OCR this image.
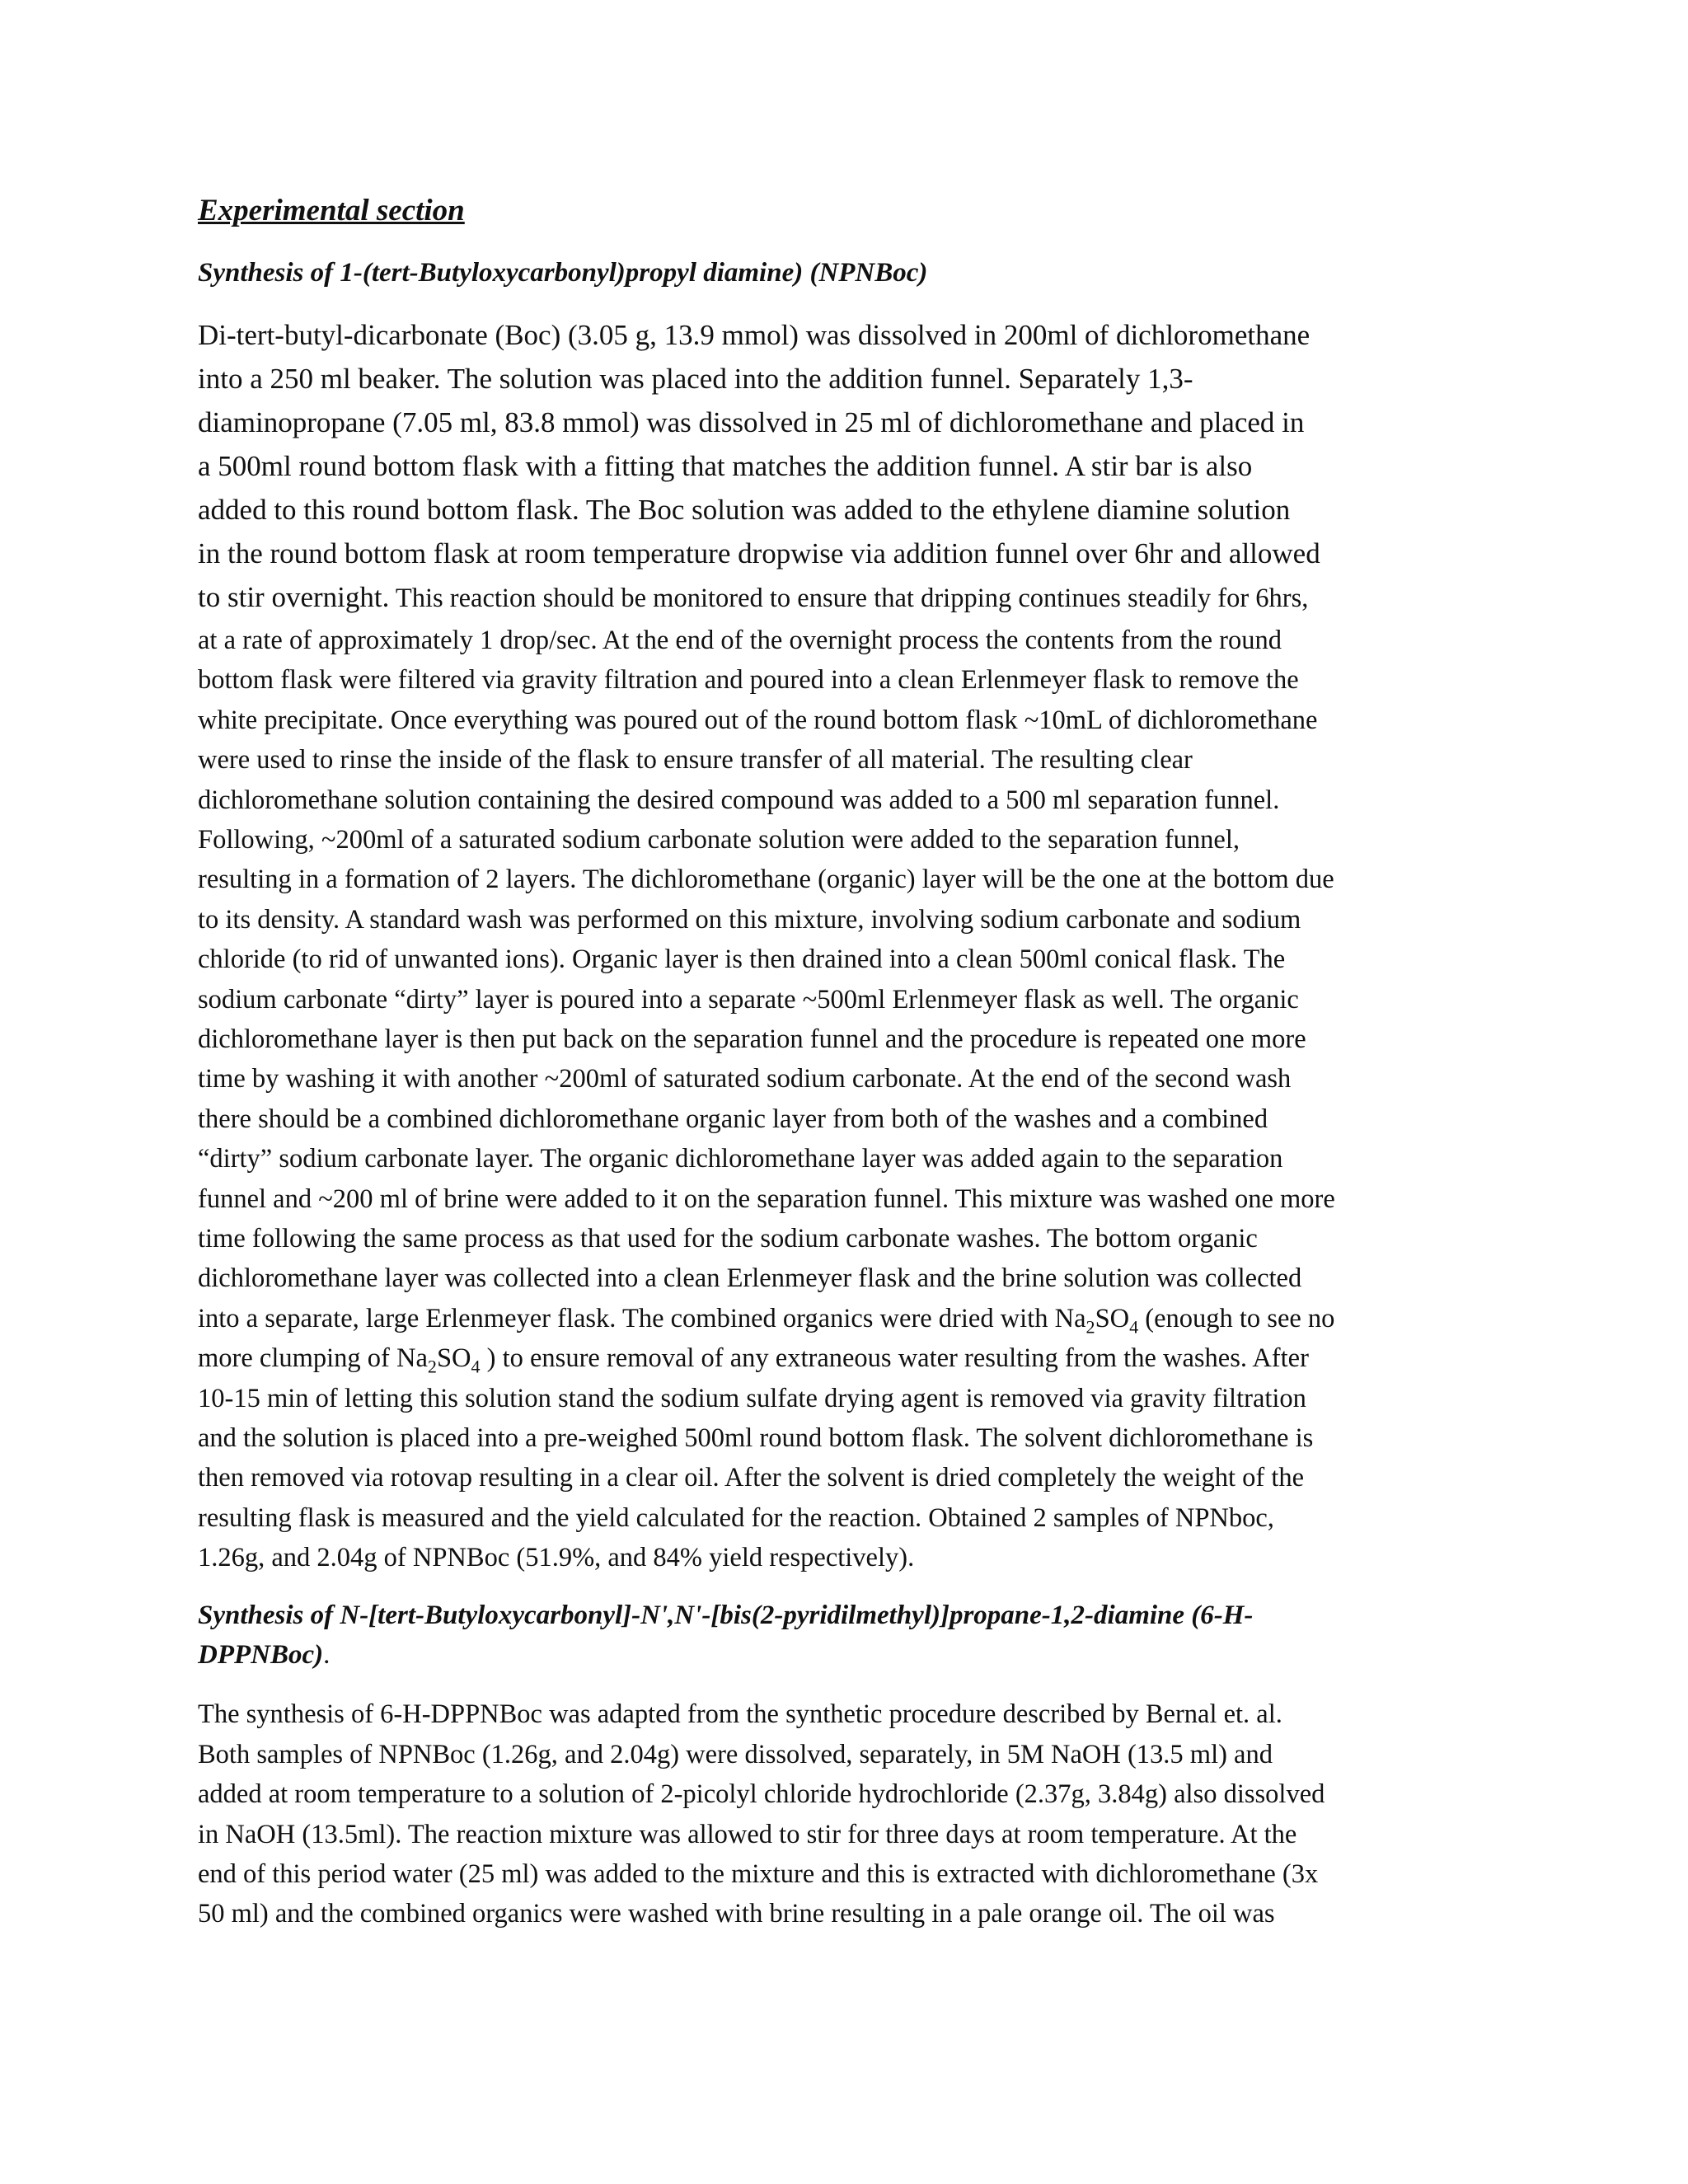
Experimental section
Synthesis of 1-(tert-Butyloxycarbonyl)propyl diamine) (NPNBoc)
Di-tert-butyl-dicarbonate (Boc) (3.05 g, 13.9 mmol) was dissolved in 200ml of dichloromethane
into a 250 ml beaker. The solution was placed into the addition funnel. Separately 1,3-
diaminopropane (7.05 ml, 83.8 mmol) was dissolved in 25 ml of dichloromethane and placed in
a 500ml round bottom flask with a fitting that matches the addition funnel. A stir bar is also
added to this round bottom flask. The Boc solution was added to the ethylene diamine solution
in the round bottom flask at room temperature dropwise via addition funnel over 6hr and allowed
to stir overnight. This reaction should be monitored to ensure that dripping continues steadily for 6hrs,
at a rate of approximately 1 drop/sec. At the end of the overnight process the contents from the round
bottom flask were filtered via gravity filtration and poured into a clean Erlenmeyer flask to remove the
white precipitate. Once everything was poured out of the round bottom flask ~10mL of dichloromethane
were used to rinse the inside of the flask to ensure transfer of all material. The resulting clear
dichloromethane solution containing the desired compound was added to a 500 ml separation funnel.
Following, ~200ml of a saturated sodium carbonate solution were added to the separation funnel,
resulting in a formation of 2 layers. The dichloromethane (organic) layer will be the one at the bottom due
to its density. A standard wash was performed on this mixture, involving sodium carbonate and sodium
chloride (to rid of unwanted ions). Organic layer is then drained into a clean 500ml conical flask. The
sodium carbonate “dirty” layer is poured into a separate ~500ml Erlenmeyer flask as well. The organic
dichloromethane layer is then put back on the separation funnel and the procedure is repeated one more
time by washing it with another ~200ml of saturated sodium carbonate. At the end of the second wash
there should be a combined dichloromethane organic layer from both of the washes and a combined
“dirty” sodium carbonate layer. The organic dichloromethane layer was added again to the separation
funnel and ~200 ml of brine were added to it on the separation funnel. This mixture was washed one more
time following the same process as that used for the sodium carbonate washes. The bottom organic
dichloromethane layer was collected into a clean Erlenmeyer flask and the brine solution was collected
into a separate, large Erlenmeyer flask. The combined organics were dried with $Na_2SO_4$ (enough to see no
more clumping of $Na_2SO_4$ ) to ensure removal of any extraneous water resulting from the washes. After
10-15 min of letting this solution stand the sodium sulfate drying agent is removed via gravity filtration
and the solution is placed into a pre-weighed 500ml round bottom flask. The solvent dichloromethane is
then removed via rotovap resulting in a clear oil. After the solvent is dried completely the weight of the
resulting flask is measured and the yield calculated for the reaction. Obtained 2 samples of NPNboc,
1.26g, and 2.04g of NPNBoc (51.9%, and 84% yield respectively).
Synthesis of N-[tert-Butyloxycarbonyl]-N',N'-[bis(2-pyridilmethyl)]propane-1,2-diamine (6-H-
DPPNBoc).
The synthesis of 6-H-DPPNBoc was adapted from the synthetic procedure described by Bernal et. al.
Both samples of NPNBoc (1.26g, and 2.04g) were dissolved, separately, in 5M NaOH (13.5 ml) and
added at room temperature to a solution of 2-picolyl chloride hydrochloride (2.37g, 3.84g) also dissolved
in NaOH (13.5ml). The reaction mixture was allowed to stir for three days at room temperature. At the
end of this period water (25 ml) was added to the mixture and this is extracted with dichloromethane (3x
50 ml) and the combined organics were washed with brine resulting in a pale orange oil. The oil was
